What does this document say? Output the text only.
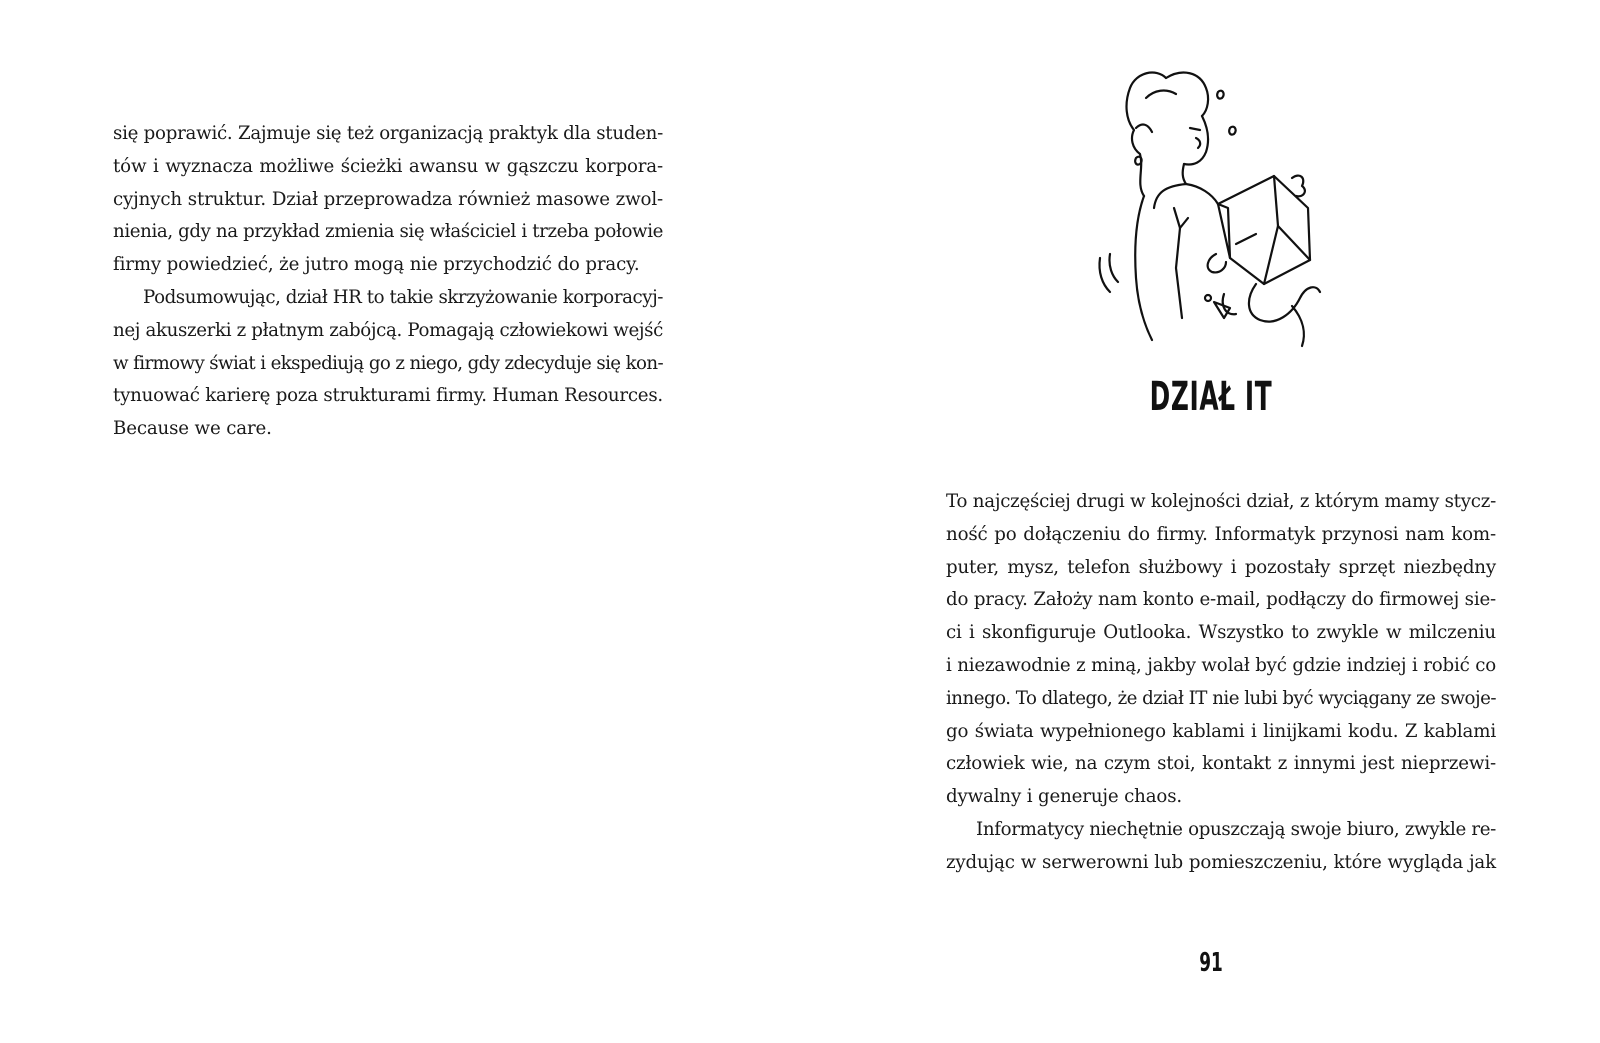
się poprawić. Zajmuje się też organizacją praktyk dla studen-
tów i wyznacza możliwe ścieżki awansu w gąszczu korpora-
cyjnych struktur. Dział przeprowadza również masowe zwol-
nienia, gdy na przykład zmienia się właściciel i trzeba połowie
firmy powiedzieć, że jutro mogą nie przychodzić do pracy.
Podsumowując, dział HR to takie skrzyżowanie korporacyj-
nej akuszerki z płatnym zabójcą. Pomagają człowiekowi wejść
w firmowy świat i ekspediują go z niego, gdy zdecyduje się kon-
tynuować karierę poza strukturami firmy. Human Resources.
Because we care.
DZIAŁ IT
To najczęściej drugi w kolejności dział, z którym mamy stycz-
ność po dołączeniu do firmy. Informatyk przynosi nam kom-
puter, mysz, telefon służbowy i pozostały sprzęt niezbędny
do pracy. Założy nam konto e-mail, podłączy do firmowej sie-
ci i skonfiguruje Outlooka. Wszystko to zwykle w milczeniu
i niezawodnie z miną, jakby wolał być gdzie indziej i robić co
innego. To dlatego, że dział IT nie lubi być wyciągany ze swoje-
go świata wypełnionego kablami i linijkami kodu. Z kablami
człowiek wie, na czym stoi, kontakt z innymi jest nieprzewi-
dywalny i generuje chaos.
Informatycy niechętnie opuszczają swoje biuro, zwykle re-
zydując w serwerowni lub pomieszczeniu, które wygląda jak
91
